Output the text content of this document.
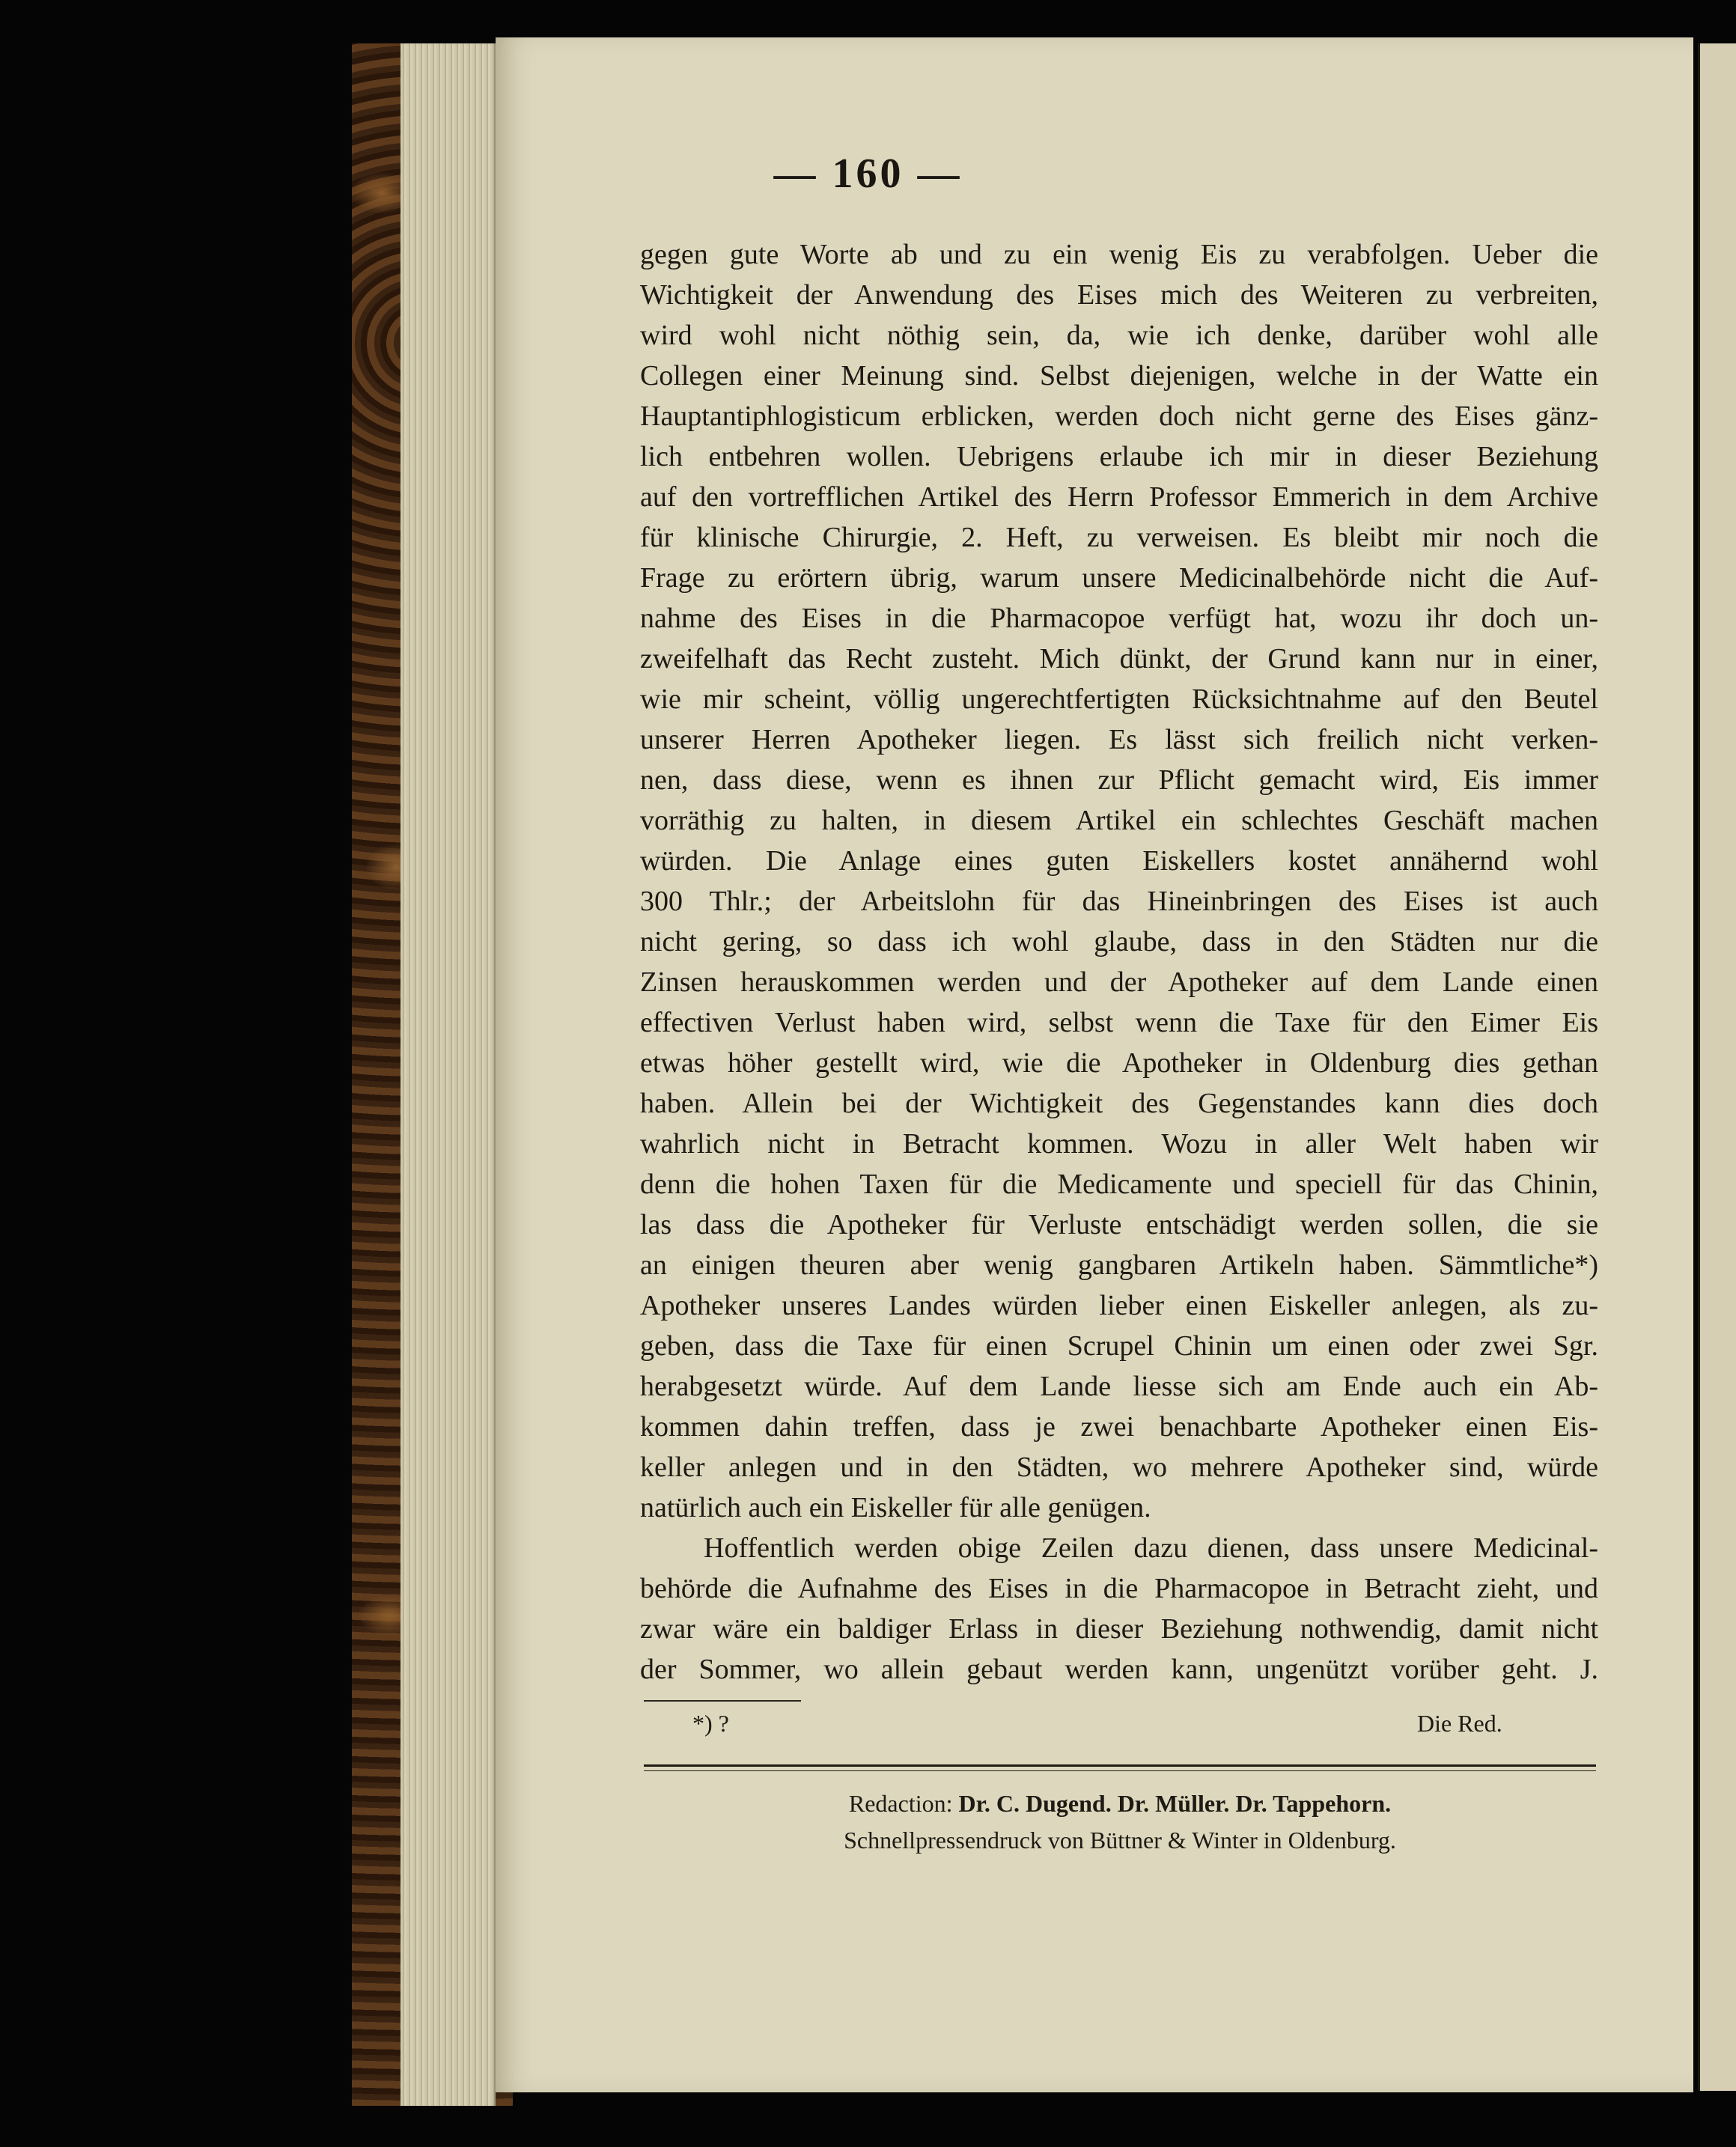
— 160 —
gegen gute Worte ab und zu ein wenig Eis zu verabfolgen. Ueber die
Wichtigkeit der Anwendung des Eises mich des Weiteren zu verbreiten,
wird wohl nicht nöthig sein, da, wie ich denke, darüber wohl alle
Collegen einer Meinung sind. Selbst diejenigen, welche in der Watte ein
Hauptantiphlogisticum erblicken, werden doch nicht gerne des Eises gänz-
lich entbehren wollen. Uebrigens erlaube ich mir in dieser Beziehung
auf den vortrefflichen Artikel des Herrn Professor Emmerich in dem Archive
für klinische Chirurgie, 2. Heft, zu verweisen. Es bleibt mir noch die
Frage zu erörtern übrig, warum unsere Medicinalbehörde nicht die Auf-
nahme des Eises in die Pharmacopoe verfügt hat, wozu ihr doch un-
zweifelhaft das Recht zusteht. Mich dünkt, der Grund kann nur in einer,
wie mir scheint, völlig ungerechtfertigten Rücksichtnahme auf den Beutel
unserer Herren Apotheker liegen. Es lässt sich freilich nicht verken-
nen, dass diese, wenn es ihnen zur Pflicht gemacht wird, Eis immer
vorräthig zu halten, in diesem Artikel ein schlechtes Geschäft machen
würden. Die Anlage eines guten Eiskellers kostet annähernd wohl
300 Thlr.; der Arbeitslohn für das Hineinbringen des Eises ist auch
nicht gering, so dass ich wohl glaube, dass in den Städten nur die
Zinsen herauskommen werden und der Apotheker auf dem Lande einen
effectiven Verlust haben wird, selbst wenn die Taxe für den Eimer Eis
etwas höher gestellt wird, wie die Apotheker in Oldenburg dies gethan
haben. Allein bei der Wichtigkeit des Gegenstandes kann dies doch
wahrlich nicht in Betracht kommen. Wozu in aller Welt haben wir
denn die hohen Taxen für die Medicamente und speciell für das Chinin,
las dass die Apotheker für Verluste entschädigt werden sollen, die sie
an einigen theuren aber wenig gangbaren Artikeln haben. Sämmtliche*)
Apotheker unseres Landes würden lieber einen Eiskeller anlegen, als zu-
geben, dass die Taxe für einen Scrupel Chinin um einen oder zwei Sgr.
herabgesetzt würde. Auf dem Lande liesse sich am Ende auch ein Ab-
kommen dahin treffen, dass je zwei benachbarte Apotheker einen Eis-
keller anlegen und in den Städten, wo mehrere Apotheker sind, würde
natürlich auch ein Eiskeller für alle genügen.
Hoffentlich werden obige Zeilen dazu dienen, dass unsere Medicinal-
behörde die Aufnahme des Eises in die Pharmacopoe in Betracht zieht, und
zwar wäre ein baldiger Erlass in dieser Beziehung nothwendig, damit nicht
der Sommer, wo allein gebaut werden kann, ungenützt vorüber geht. J.
*) ?	Die Red.
Redaction: Dr. C. Dugend. Dr. Müller. Dr. Tappehorn.
Schnellpressendruck von Büttner & Winter in Oldenburg.
